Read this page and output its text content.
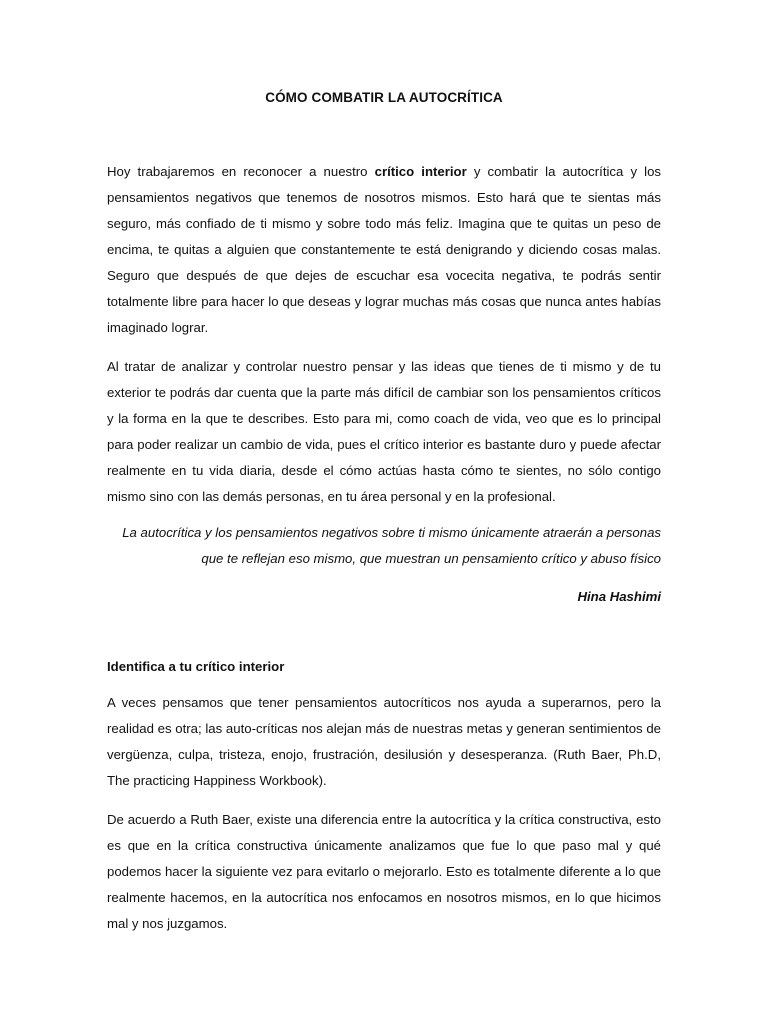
CÓMO COMBATIR LA AUTOCRÍTICA

Hoy trabajaremos en reconocer a nuestro crítico interior y combatir la autocrítica y los pensamientos negativos que tenemos de nosotros mismos. Esto hará que te sientas más seguro, más confiado de ti mismo y sobre todo más feliz. Imagina que te quitas un peso de encima, te quitas a alguien que constantemente te está denigrando y diciendo cosas malas. Seguro que después de que dejes de escuchar esa vocecita negativa, te podrás sentir totalmente libre para hacer lo que deseas y lograr muchas más cosas que nunca antes habías imaginado lograr.

Al tratar de analizar y controlar nuestro pensar y las ideas que tienes de ti mismo y de tu exterior te podrás dar cuenta que la parte más difícil de cambiar son los pensamientos críticos y la forma en la que te describes. Esto para mi, como coach de vida, veo que es lo principal para poder realizar un cambio de vida, pues el crítico interior es bastante duro y puede afectar realmente en tu vida diaria, desde el cómo actúas hasta cómo te sientes, no sólo contigo mismo sino con las demás personas, en tu área personal y en la profesional.

La autocrítica y los pensamientos negativos sobre ti mismo únicamente atraerán a personas que te reflejan eso mismo, que muestran un pensamiento crítico y abuso físico

Hina Hashimi

Identifica a tu crítico interior

A veces pensamos que tener pensamientos autocríticos nos ayuda a superarnos, pero la realidad es otra; las auto-críticas nos alejan más de nuestras metas y generan sentimientos de vergüenza, culpa, tristeza, enojo, frustración, desilusión y desesperanza. (Ruth Baer, Ph.D, The practicing Happiness Workbook).

De acuerdo a Ruth Baer, existe una diferencia entre la autocrítica y la crítica constructiva, esto es que en la crítica constructiva únicamente analizamos que fue lo que paso mal y qué podemos hacer la siguiente vez para evitarlo o mejorarlo. Esto es totalmente diferente a lo que realmente hacemos, en la autocrítica nos enfocamos en nosotros mismos, en lo que hicimos mal y nos juzgamos.
